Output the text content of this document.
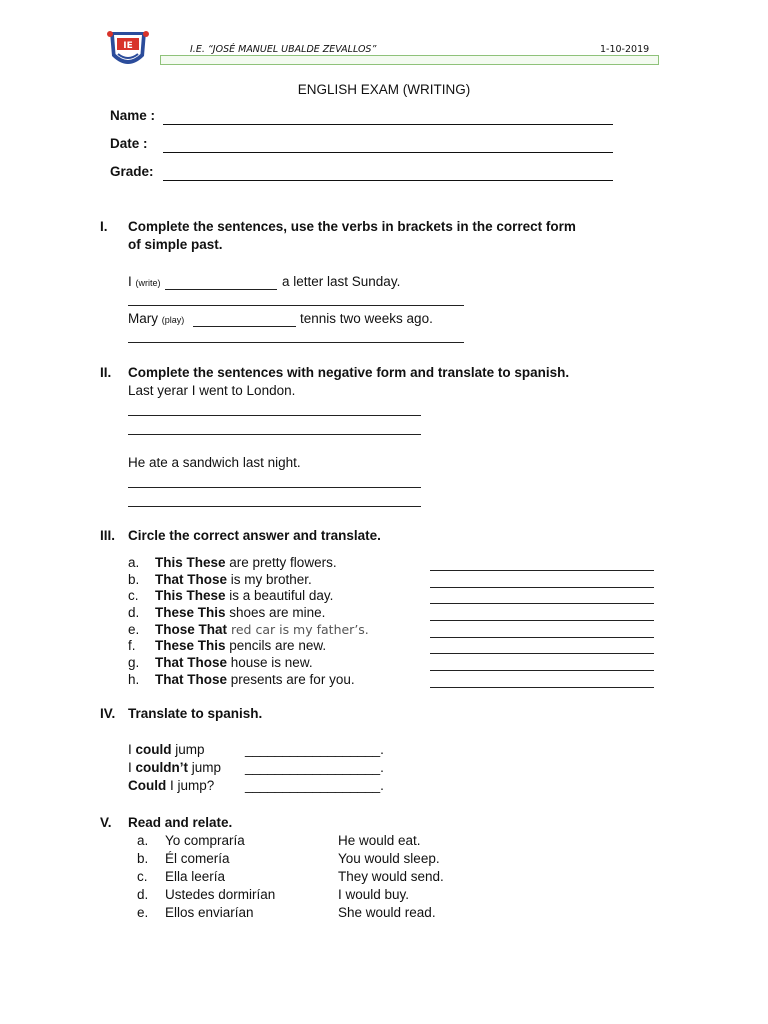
IE	I.E. “JOSÉ MANUEL UBALDE ZEVALLOS”	1-10-2019
ENGLISH EXAM (WRITING)
Name :
Date :
Grade:
I. Complete the sentences, use the verbs in brackets in the correct form
of simple past.
I (write)	a letter last Sunday.
Mary (play)	tennis two weeks ago.
II. Complete the sentences with negative form and translate to spanish.
Last yerar I went to London.
He ate a sandwich last night.
III. Circle the correct answer and translate.
a. This These are pretty flowers.
b. That Those is my brother.
c. This These is a beautiful day.
d. These This shoes are mine.
e. Those That red car is my father’s.
f. These This pencils are new.
g. That Those house is new.
h. That Those presents are for you.
IV. Translate to spanish.
I could jump	__________________.
I couldn’t jump __________________.
Could I jump? __________________.
V. Read and relate.
a. Yo compraría	He would eat.
b. Él comería	You would sleep.
c. Ella leería	They would send.
d. Ustedes dormirían	I would buy.
e. Ellos enviarían	She would read.
